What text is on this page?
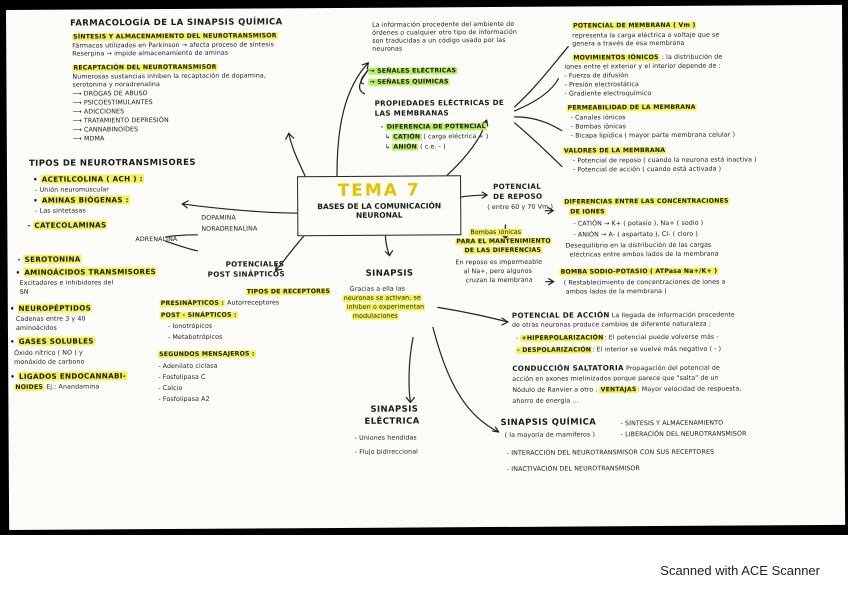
FARMACOLOGÍA DE LA SINAPSIS QUÍMICA
SÍNTESIS Y ALMACENAMIENTO DEL NEUROTRANSMISOR
Fármacos utilizados en Parkinson → afecta proceso de síntesis
Reserpina → impide almacenamiento de aminas
RECAPTACIÓN DEL NEUROTRANSMISOR
Numerosas sustancias inhiben la recaptación de dopamina,
serotonina y noradrenalina
⟶ DROGAS DE ABUSO
⟶ PSICOESTIMULANTES
⟶ ADICCIONES
⟶ TRATAMIENTO DEPRESIÓN
⟶ CANNABINOIDES
⟶ MDMA
TIPOS DE NEUROTRANSMISORES
• ACETILCOLINA ( ACH ) :
- Unión neuromuscular
• AMINAS BIÓGENAS :
- Las sintetasas
- CATECOLAMINAS
DOPAMINA
NORADRENALINA
ADRENALINA
- SEROTONINA
• AMINOÁCIDOS TRANSMISORES
Excitadores e inhibidores del
SN
• NEUROPÉPTIDOS
Cadenas entre 3 y 40
aminoácidos
• GASES SOLUBLES
Óxido nítrico ( NO ) y
monóxido de carbono
• LIGADOS ENDOCANNABI-
NOIDES Ej.: Anandamina
TEMA 7
BASES DE LA COMUNICACIÓN NEURONAL
La información procedente del ambiente de
órdenes o cualquier otro tipo de información
son traducidas a un código usado por las
neuronas
→ SEÑALES ELÉCTRICAS
→ SEÑALES QUÍMICAS
PROPIEDADES ELÉCTRICAS DE
LAS MEMBRANAS
- DIFERENCIA DE POTENCIAL
↳ CATIÓN ( carga eléctrica + )
↳ ANIÓN ( c.e. - )
POTENCIALES
POST SINÁPTICOS
TIPOS DE RECEPTORES
PRESINÁPTICOS : Autorreceptores
POST - SINÁPTICOS :
- Ionotrópicos
- Metabotrópicos
SEGUNDOS MENSAJEROS :
- Adenilato ciclasa
- Fosfolipasa C
- Calcio
- Fosfolipasa A2
SINAPSIS
Gracias a ella las
neuronas se activan, se
inhiben o experimentan
modulaciones
SINAPSIS
ELÉCTRICA
- Uniones hendidas
- Flujo bidireccional
POTENCIAL DE MEMBRANA ( Vm )
representa la carga eléctrica o voltaje que se
genera a través de esa membrana
MOVIMIENTOS IÓNICOS : la distribución de
iones entre el exterior y el interior depende de :
- Fuerza de difusión
- Presión electrostática
- Gradiente electroquímico
PERMEABILIDAD DE LA MEMBRANA
- Canales iónicos
- Bombas iónicas
- Bicapa lipídica ( mayor parte membrana celular )
VALORES DE LA MEMBRANA
- Potencial de reposo ( cuando la neurona está inactiva )
- Potencial de acción ( cuando está activada )
POTENCIAL
DE REPOSO
( entre 60 y 70 Vm )
Bombas iónicas
PARA EL MANTENIMIENTO
DE LAS DIFERENCIAS
En reposo es impermeable
al Na+, pero algunos
cruzan la membrana
DIFERENCIAS ENTRE LAS CONCENTRACIONES
DE IONES
- CATIÓN → K+ ( potasio ), Na+ ( sodio )
- ANIÓN → A- ( aspartato ), Cl- ( cloro )
Desequilibrio en la distribución de las cargas
eléctricas entre ambos lados de la membrana
BOMBA SODIO-POTASIO ( ATPasa Na+/K+ )
( Restablecimiento de concentraciones de iones a
ambos lados de la membrana )
POTENCIAL DE ACCIÓN La llegada de información procedente
de otras neuronas produce cambios de diferente naturaleza :
- +HIPERPOLARIZACIÓN: El potencial puede volverse más -
- DESPOLARIZACIÓN: El interior se vuelve más negativo ( - )
CONDUCCIÓN SALTATORIA Propagación del potencial de
acción en axones mielinizados porque parece que "salta" de un
Nódulo de Ranvier a otro . VENTAJAS: Mayor velocidad de respuesta,
ahorro de energía ...
SINAPSIS QUÍMICA
( la mayoría de mamíferos )
- SÍNTESIS Y ALMACENAMIENTO
- LIBERACIÓN DEL NEUROTRANSMISOR
- INTERACCIÓN DEL NEUROTRANSMISOR CON SUS RECEPTORES
- INACTIVACIÓN DEL NEUROTRANSMISOR
Scanned with ACE Scanner
